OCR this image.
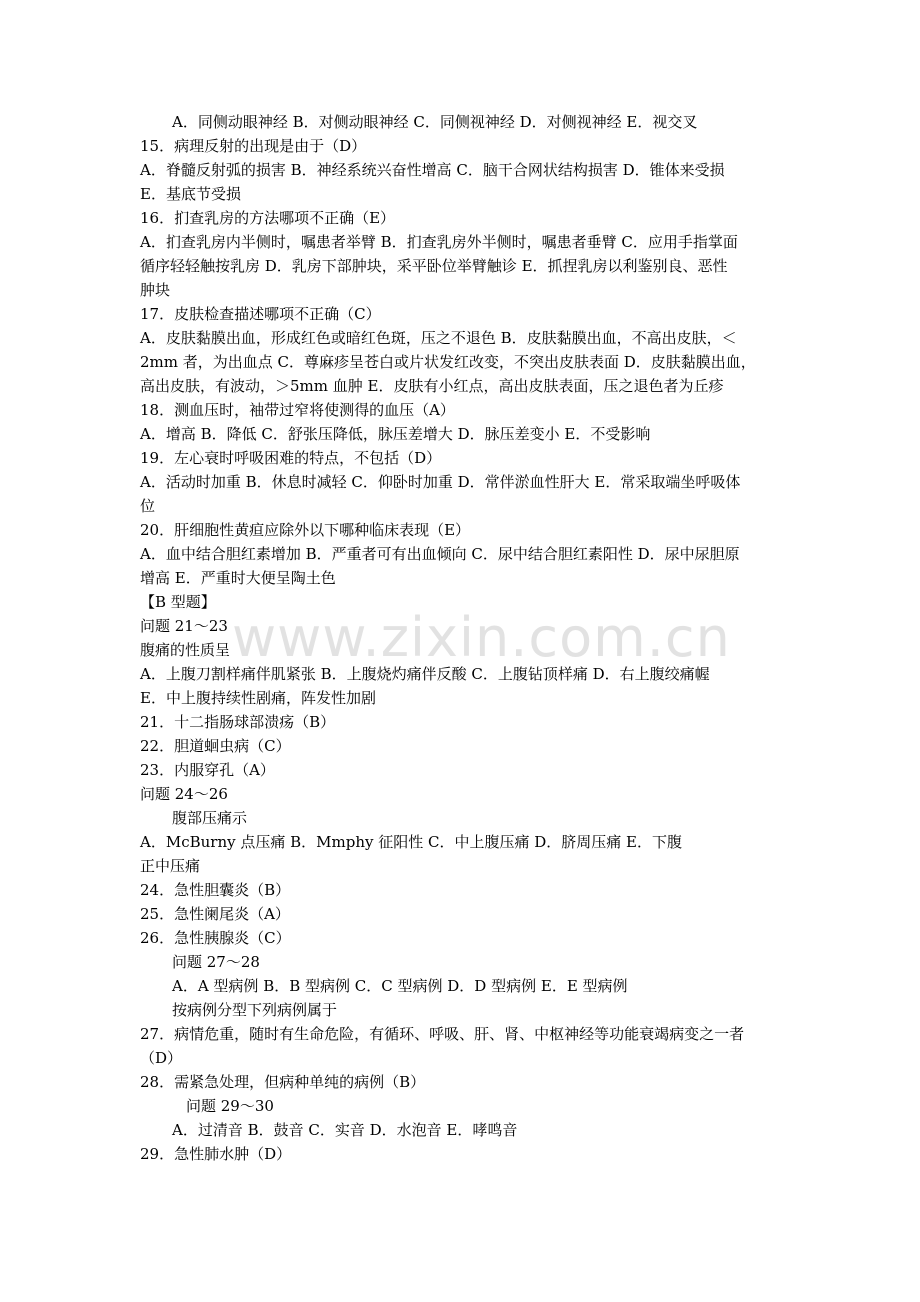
A．同侧动眼神经 B．对侧动眼神经 C．同侧视神经 D．对侧视神经 E．视交叉
15．病理反射的出现是由于（D）
A．脊髓反射弧的损害 B．神经系统兴奋性增高 C．脑干合网状结构损害 D．锥体来受损
E．基底节受损
16．扪查乳房的方法哪项不正确（E）
A．扪查乳房内半侧时，嘱患者举臂 B．扪查乳房外半侧时，嘱患者垂臂 C．应用手指掌面
循序轻轻触按乳房 D．乳房下部肿块，采平卧位举臂触诊 E．抓捏乳房以利鉴别良、恶性
肿块
17．皮肤检查描述哪项不正确（C）
A．皮肤黏膜出血，形成红色或暗红色斑，压之不退色 B．皮肤黏膜出血，不高出皮肤，＜
2mm 者，为出血点 C．尊麻疹呈苍白或片状发红改变，不突出皮肤表面 D．皮肤黏膜出血，
高出皮肤，有波动，＞5mm 血肿 E．皮肤有小红点，高出皮肤表面，压之退色者为丘疹
18．测血压时，袖带过窄将使测得的血压（A）
A．增高 B．降低 C．舒张压降低，脉压差增大 D．脉压差变小 E．不受影响
19．左心衰时呼吸困难的特点，不包括（D）
A．活动时加重 B．休息时减轻 C．仰卧时加重 D．常伴淤血性肝大 E．常采取端坐呼吸体
位
20．肝细胞性黄疸应除外以下哪种临床表现（E）
A．血中结合胆红素增加 B．严重者可有出血倾向 C．尿中结合胆红素阳性 D．尿中尿胆原
增高 E．严重时大便呈陶土色
【B 型题】
问题 21～23
腹痛的性质呈
A．上腹刀割样痛伴肌紧张 B．上腹烧灼痛伴反酸 C．上腹钻顶样痛 D．右上腹绞痛幄
E．中上腹持续性剧痛，阵发性加剧
21．十二指肠球部溃疡（B）
22．胆道蛔虫病（C）
23．内服穿孔（A）
问题 24～26
腹部压痛示
A．McBurny 点压痛 B．Mmphy 征阳性 C．中上腹压痛 D．脐周压痛 E．下腹
正中压痛
24．急性胆囊炎（B）
25．急性阑尾炎（A）
26．急性胰腺炎（C）
问题 27～28
A．A 型病例 B．B 型病例 C．C 型病例 D．D 型病例 E．E 型病例
按病例分型下列病例属于
27．病情危重，随时有生命危险，有循环、呼吸、肝、肾、中枢神经等功能衰竭病变之一者
（D）
28．需紧急处理，但病种单纯的病例（B）
问题 29～30
A．过清音 B．鼓音 C．实音 D．水泡音 E．哮鸣音
29．急性肺水肿（D）
www.zixin.com.cn
